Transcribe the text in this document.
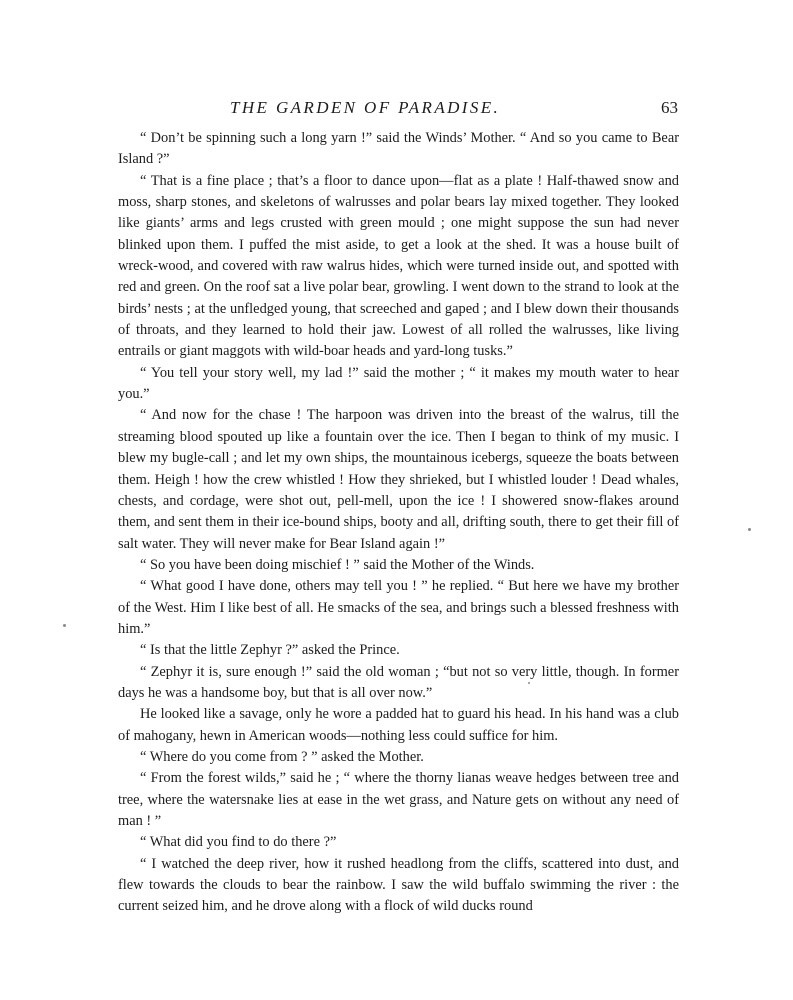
THE GARDEN OF PARADISE.	63

“ Don’t be spinning such a long yarn !” said the Winds’ Mother. “ And so you came to Bear Island ?”

“ That is a fine place ; that’s a floor to dance upon—flat as a plate ! Half-thawed snow and moss, sharp stones, and skeletons of walrusses and polar bears lay mixed together. They looked like giants’ arms and legs crusted with green mould ; one might suppose the sun had never blinked upon them. I puffed the mist aside, to get a look at the shed. It was a house built of wreck-wood, and covered with raw walrus hides, which were turned inside out, and spotted with red and green. On the roof sat a live polar bear, growling. I went down to the strand to look at the birds’ nests ; at the unfledged young, that screeched and gaped ; and I blew down their thousands of throats, and they learned to hold their jaw. Lowest of all rolled the walrusses, like living entrails or giant maggots with wild-boar heads and yard-long tusks.”

“ You tell your story well, my lad !” said the mother ; “ it makes my mouth water to hear you.”

“ And now for the chase ! The harpoon was driven into the breast of the walrus, till the streaming blood spouted up like a fountain over the ice. Then I began to think of my music. I blew my bugle-call ; and let my own ships, the mountainous icebergs, squeeze the boats between them. Heigh ! how the crew whistled ! How they shrieked, but I whistled louder ! Dead whales, chests, and cordage, were shot out, pell-mell, upon the ice ! I showered snow-flakes around them, and sent them in their ice-bound ships, booty and all, drifting south, there to get their fill of salt water. They will never make for Bear Island again !”

“ So you have been doing mischief ! ” said the Mother of the Winds.

“ What good I have done, others may tell you ! ” he replied. “ But here we have my brother of the West. Him I like best of all. He smacks of the sea, and brings such a blessed freshness with him.”

“ Is that the little Zephyr ?” asked the Prince.

“ Zephyr it is, sure enough !” said the old woman ; “but not so very little, though. In former days he was a handsome boy, but that is all over now.”

He looked like a savage, only he wore a padded hat to guard his head. In his hand was a club of mahogany, hewn in American woods—nothing less could suffice for him.

“ Where do you come from ? ” asked the Mother.

“ From the forest wilds,” said he ; “ where the thorny lianas weave hedges between tree and tree, where the watersnake lies at ease in the wet grass, and Nature gets on without any need of man ! ”

“ What did you find to do there ?”

“ I watched the deep river, how it rushed headlong from the cliffs, scattered into dust, and flew towards the clouds to bear the rainbow. I saw the wild buffalo swimming the river : the current seized him, and he drove along with a flock of wild ducks round
